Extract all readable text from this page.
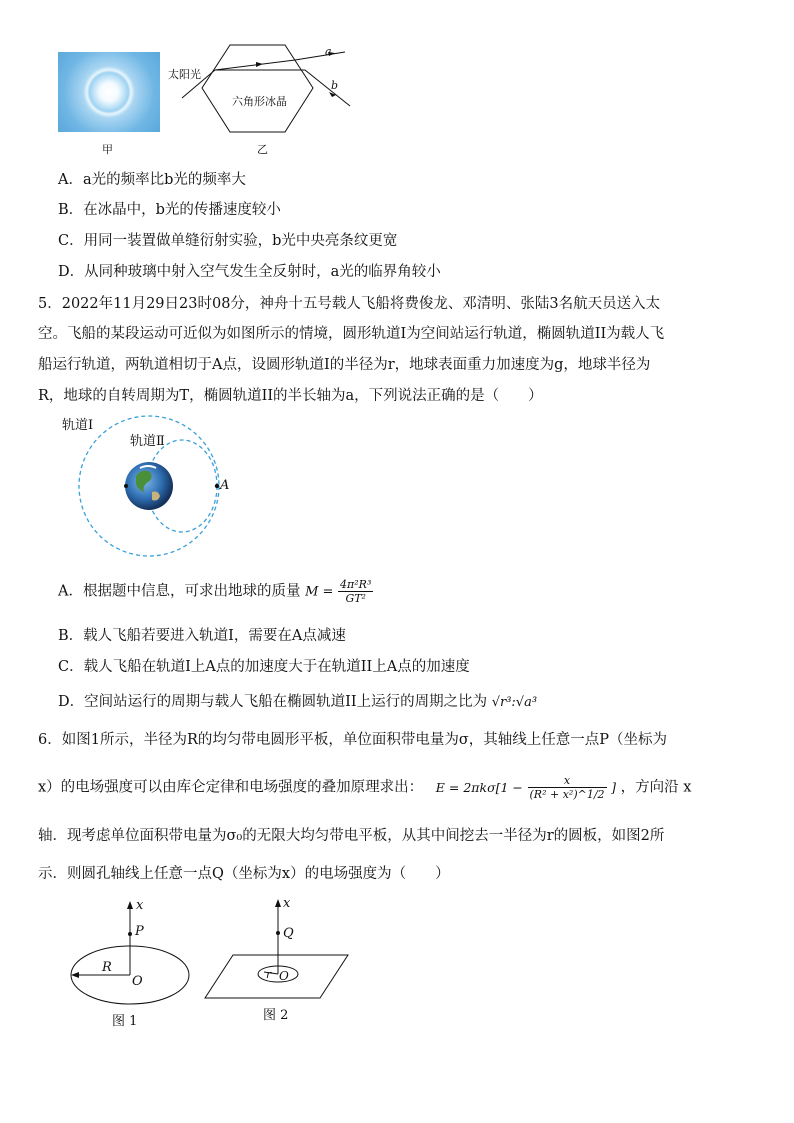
甲
太阳光
六角形冰晶
a
b
乙
A．a光的频率比b光的频率大
B．在冰晶中，b光的传播速度较小
C．用同一装置做单缝衍射实验，b光中央亮条纹更宽
D．从同种玻璃中射入空气发生全反射时，a光的临界角较小
5．2022年11月29日23时08分，神舟十五号载人飞船将费俊龙、邓清明、张陆3名航天员送入太
空。飞船的某段运动可近似为如图所示的情境，圆形轨道Ⅰ为空间站运行轨道，椭圆轨道II为载人飞
船运行轨道，两轨道相切于A点，设圆形轨道I的半径为r，地球表面重力加速度为g，地球半径为
R，地球的自转周期为T，椭圆轨道II的半长轴为a，下列说法正确的是（　　）
轨道Ⅰ
轨道Ⅱ
A
A．根据题中信息，可求出地球的质量 $M = \frac{\text{4π²R³}}{\text{GT²}}$
B．载人飞船若要进入轨道I，需要在A点减速
C．载人飞船在轨道I上A点的加速度大于在轨道II上A点的加速度
D．空间站运行的周期与载人飞船在椭圆轨道II上运行的周期之比为 √r³:√a³
6．如图1所示，半径为R的均匀带电圆形平板，单位面积带电量为σ，其轴线上任意一点P（坐标为
x）的电场强度可以由库仑定律和电场强度的叠加原理求出： $E = 2\pi k\sigma[1 - \frac{x}{\text{(R² + x²)\textasciicircum{}1/2}}$ ] ，方向沿 x
轴．现考虑单位面积带电量为σ₀的无限大均匀带电平板，从其中间挖去一半径为r的圆板，如图2所
示．则圆孔轴线上任意一点Q（坐标为x）的电场强度为（　　）
x
P
R
O
图 1
x
Q
r O
图 2
